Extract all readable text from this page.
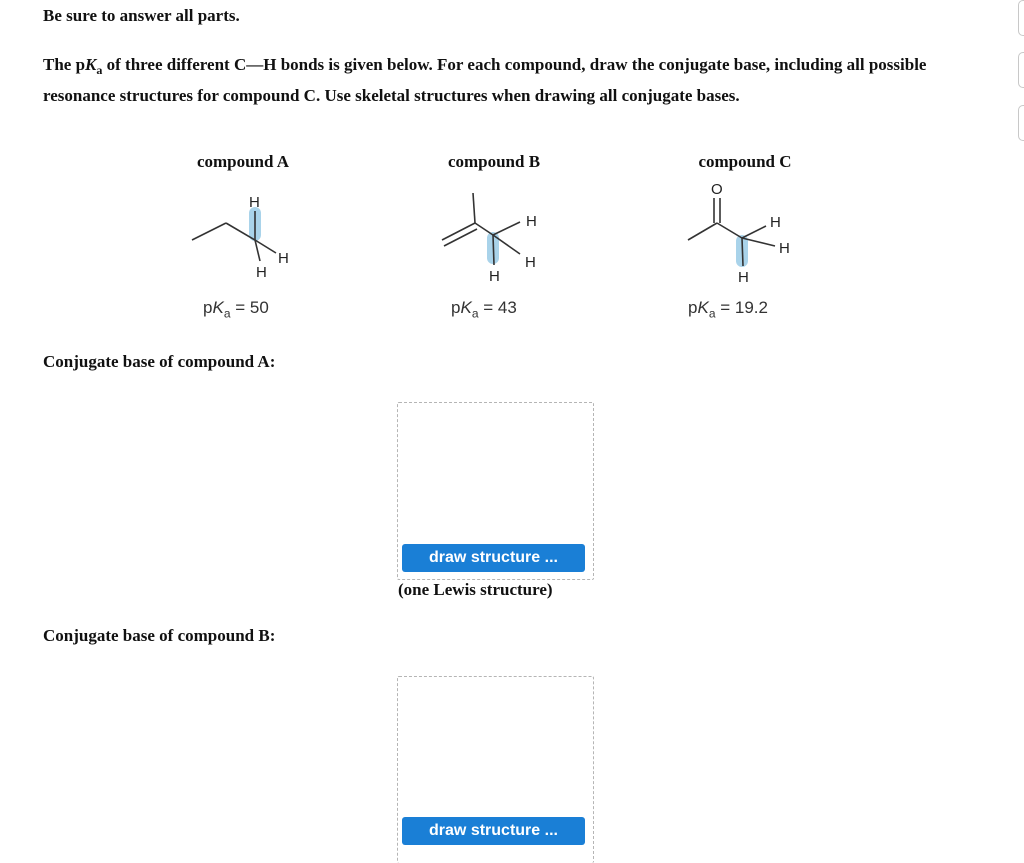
Be sure to answer all parts.
The $pK_a$ of three different C—H bonds is given below. For each compound, draw the conjugate base, including all possible resonance structures for compound C. Use skeletal structures when drawing all conjugate bases.
compound A
H
H
H
$pK_a = 50$
compound B
H
H
H
$pK_a = 43$
compound C
O
H
H
H
$pK_a = 19.2$
Conjugate base of compound A:
draw structure ...
(one Lewis structure)
Conjugate base of compound B:
draw structure ...
